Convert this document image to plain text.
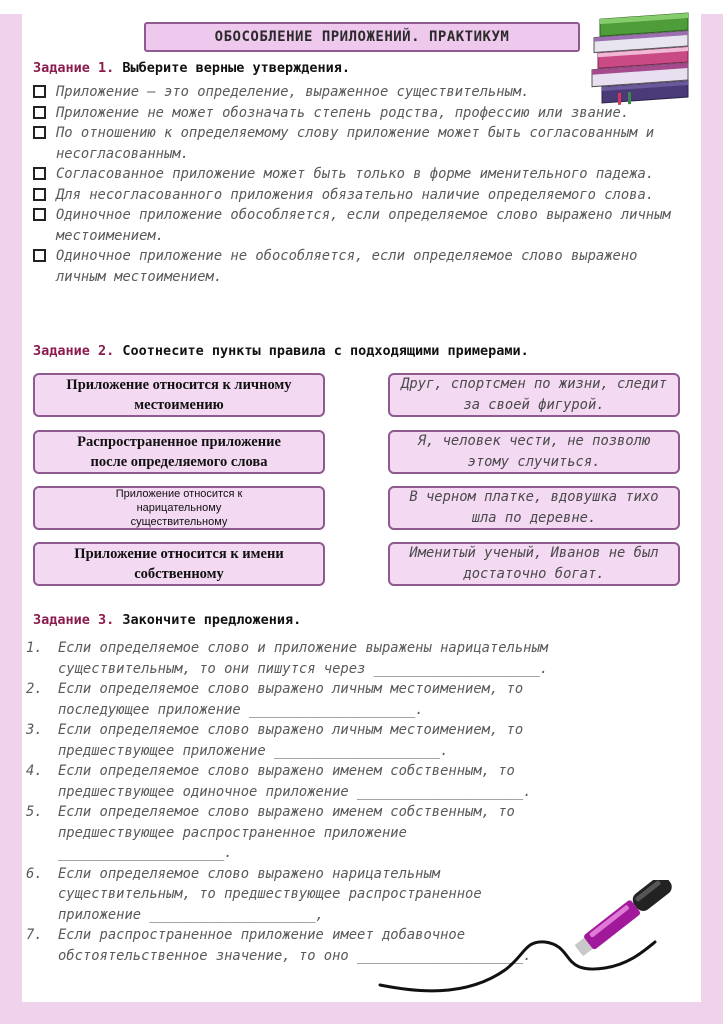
ОБОСОБЛЕНИЕ ПРИЛОЖЕНИЙ. ПРАКТИКУМ
Задание 1. Выберите верные утверждения.
Приложение – это определение, выраженное существительным.
Приложение не может обозначать степень родства, профессию или звание.
По отношению к определяемому слову приложение может быть согласованным и несогласованным.
Согласованное приложение может быть только в форме именительного падежа.
Для несогласованного приложения обязательно наличие определяемого слова.
Одиночное приложение обособляется, если определяемое слово выражено личным местоимением.
Одиночное приложение не обособляется, если определяемое слово выражено личным местоимением.
Задание 2. Соотнесите пункты правила с подходящими примерами.
Приложение относится к личному местоимению
Распространенное приложение после определяемого слова
Приложение относится к нарицательному существительному
Приложение относится к имени собственному
Друг, спортсмен по жизни, следит за своей фигурой.
Я, человек чести, не позволю этому случиться.
В черном платке, вдовушка тихо шла по деревне.
Именитый ученый, Иванов не был достаточно богат.
Задание 3. Закончите предложения.
1.	Если определяемое слово и приложение выражены нарицательным
существительным, то они пишутся через ____________________.
2.	Если определяемое слово выражено личным местоимением, то
последующее приложение ____________________.
3.	Если определяемое слово выражено личным местоимением, то
предшествующее приложение ____________________.
4.	Если определяемое слово выражено именем собственным, то
предшествующее одиночное приложение ____________________.
5.	Если определяемое слово выражено именем собственным, то
предшествующее распространенное приложение
____________________.
6.	Если определяемое слово выражено нарицательным
существительным, то предшествующее распространенное
приложение ____________________,
7.	Если распространенное приложение имеет добавочное
обстоятельственное значение, то оно ____________________.
